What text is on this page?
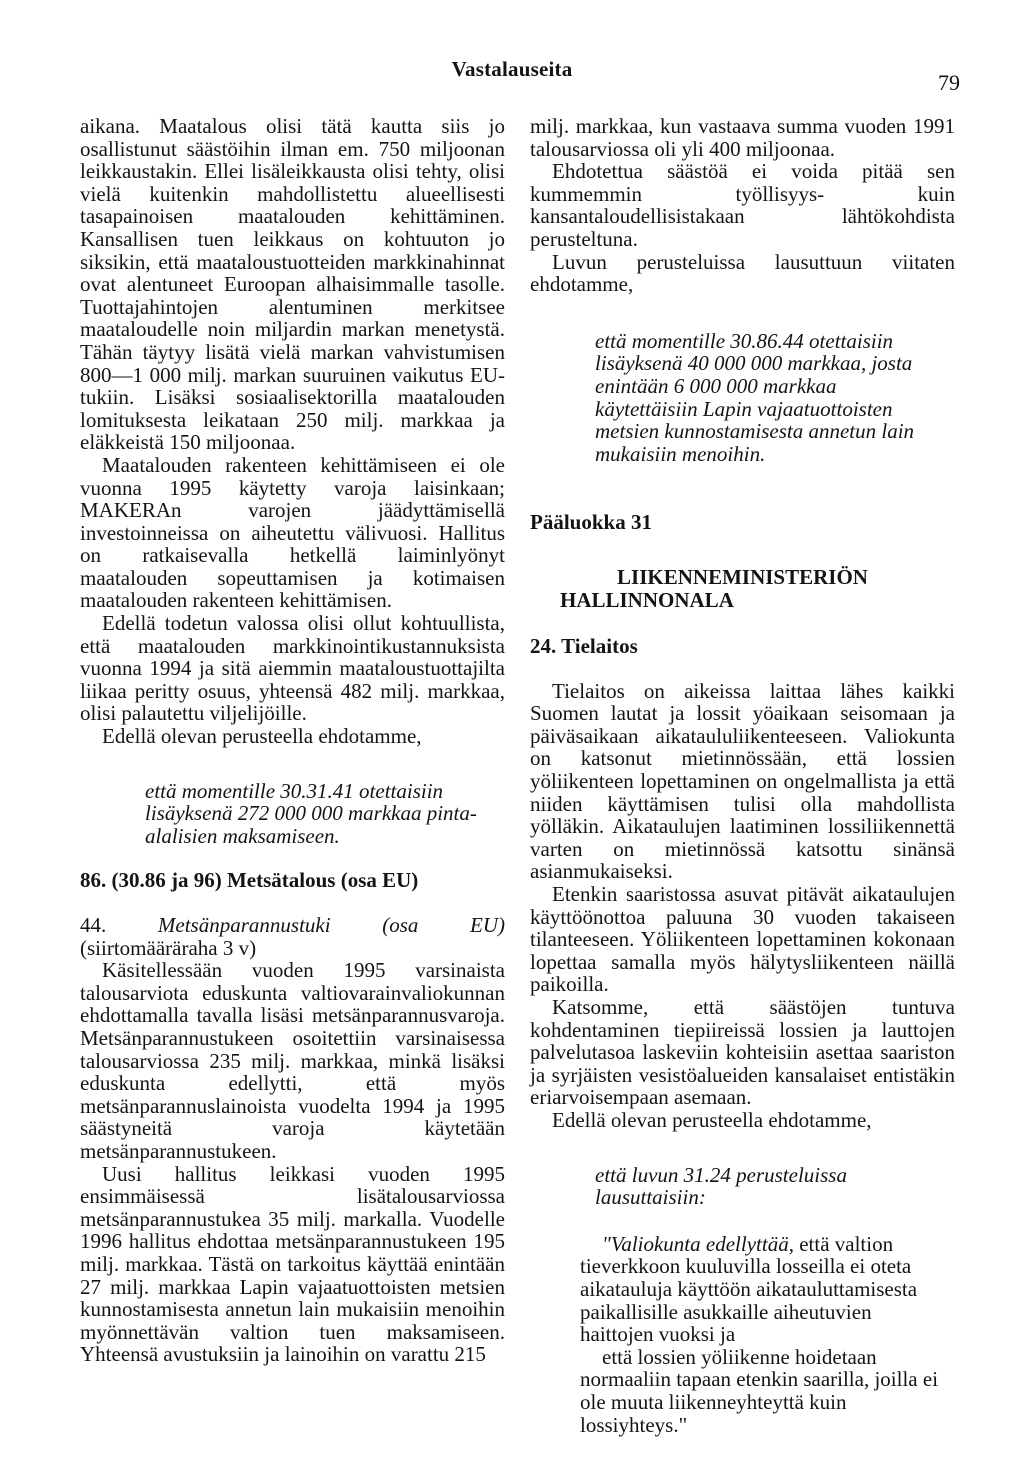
Vastalauseita
79

aikana. Maatalous olisi tätä kautta siis jo osallistunut säästöihin ilman em. 750 miljoonan leikkaustakin. Ellei lisäleikkausta olisi tehty, olisi vielä kuitenkin mahdollistettu alueellisesti tasapainoisen maatalouden kehittäminen. Kansallisen tuen leikkaus on kohtuuton jo siksikin, että maataloustuotteiden markkinahinnat ovat alentuneet Euroopan alhaisimmalle tasolle. Tuottajahintojen alentuminen merkitsee maataloudelle noin miljardin markan menetystä. Tähän täytyy lisätä vielä markan vahvistumisen 800—1 000 milj. markan suuruinen vaikutus EU-tukiin. Lisäksi sosiaalisektorilla maatalouden lomituksesta leikataan 250 milj. markkaa ja eläkkeistä 150 miljoonaa.

Maatalouden rakenteen kehittämiseen ei ole vuonna 1995 käytetty varoja laisinkaan; MAKERAn varojen jäädyttämisellä investoinneissa on aiheutettu välivuosi. Hallitus on ratkaisevalla hetkellä laiminlyönyt maatalouden sopeuttamisen ja kotimaisen maatalouden rakenteen kehittämisen.

Edellä todetun valossa olisi ollut kohtuullista, että maatalouden markkinointikustannuksista vuonna 1994 ja sitä aiemmin maataloustuottajilta liikaa peritty osuus, yhteensä 482 milj. markkaa, olisi palautettu viljelijöille.

Edellä olevan perusteella ehdotamme,

että momentille 30.31.41 otettaisiin lisäyksenä 272 000 000 markkaa pinta-alalisien maksamiseen.

86. (30.86 ja 96) Metsätalous (osa EU)

44. Metsänparannustuki (osa EU) (siirtomääräraha 3 v)

Käsitellessään vuoden 1995 varsinaista talousarviota eduskunta valtiovarainvaliokunnan ehdottamalla tavalla lisäsi metsänparannusvaroja. Metsänparannustukeen osoitettiin varsinaisessa talousarviossa 235 milj. markkaa, minkä lisäksi eduskunta edellytti, että myös metsänparannuslainoista vuodelta 1994 ja 1995 säästyneitä varoja käytetään metsänparannustukeen.

Uusi hallitus leikkasi vuoden 1995 ensimmäisessä lisätalousarviossa metsänparannustukea 35 milj. markalla. Vuodelle 1996 hallitus ehdottaa metsänparannustukeen 195 milj. markkaa. Tästä on tarkoitus käyttää enintään 27 milj. markkaa Lapin vajaatuottoisten metsien kunnostamisesta annetun lain mukaisiin menoihin myönnettävän valtion tuen maksamiseen. Yhteensä avustuksiin ja lainoihin on varattu 215

milj. markkaa, kun vastaava summa vuoden 1991 talousarviossa oli yli 400 miljoonaa.

Ehdotettua säästöä ei voida pitää sen kummemmin työllisyys- kuin kansantaloudellisistakaan lähtökohdista perusteltuna.

Luvun perusteluissa lausuttuun viitaten ehdotamme,

että momentille 30.86.44 otettaisiin lisäyksenä 40 000 000 markkaa, josta enintään 6 000 000 markkaa käytettäisiin Lapin vajaatuottoisten metsien kunnostamisesta annetun lain mukaisiin menoihin.

Pääluokka 31

LIIKENNEMINISTERIÖN HALLINNONALA

24. Tielaitos

Tielaitos on aikeissa laittaa lähes kaikki Suomen lautat ja lossit yöaikaan seisomaan ja päiväsaikaan aikataululiikenteeseen. Valiokunta on katsonut mietinnössään, että lossien yöliikenteen lopettaminen on ongelmallista ja että niiden käyttämisen tulisi olla mahdollista yölläkin. Aikataulujen laatiminen lossiliikennettä varten on mietinnössä katsottu sinänsä asianmukaiseksi.

Etenkin saaristossa asuvat pitävät aikataulujen käyttöönottoa paluuna 30 vuoden takaiseen tilanteeseen. Yöliikenteen lopettaminen kokonaan lopettaa samalla myös hälytysliikenteen näillä paikoilla.

Katsomme, että säästöjen tuntuva kohdentaminen tiepiireissä lossien ja lauttojen palvelutasoa laskeviin kohteisiin asettaa saariston ja syrjäisten vesistöalueiden kansalaiset entistäkin eriarvoisempaan asemaan.

Edellä olevan perusteella ehdotamme,

että luvun 31.24 perusteluissa lausuttaisiin:

"Valiokunta edellyttää, että valtion tieverkkoon kuuluvilla losseilla ei oteta aikatauluja käyttöön aikatauluttamisesta paikallisille asukkaille aiheutuvien haittojen vuoksi ja

että lossien yöliikenne hoidetaan normaaliin tapaan etenkin saarilla, joilla ei ole muuta liikenneyhteyttä kuin lossiyhteys."
